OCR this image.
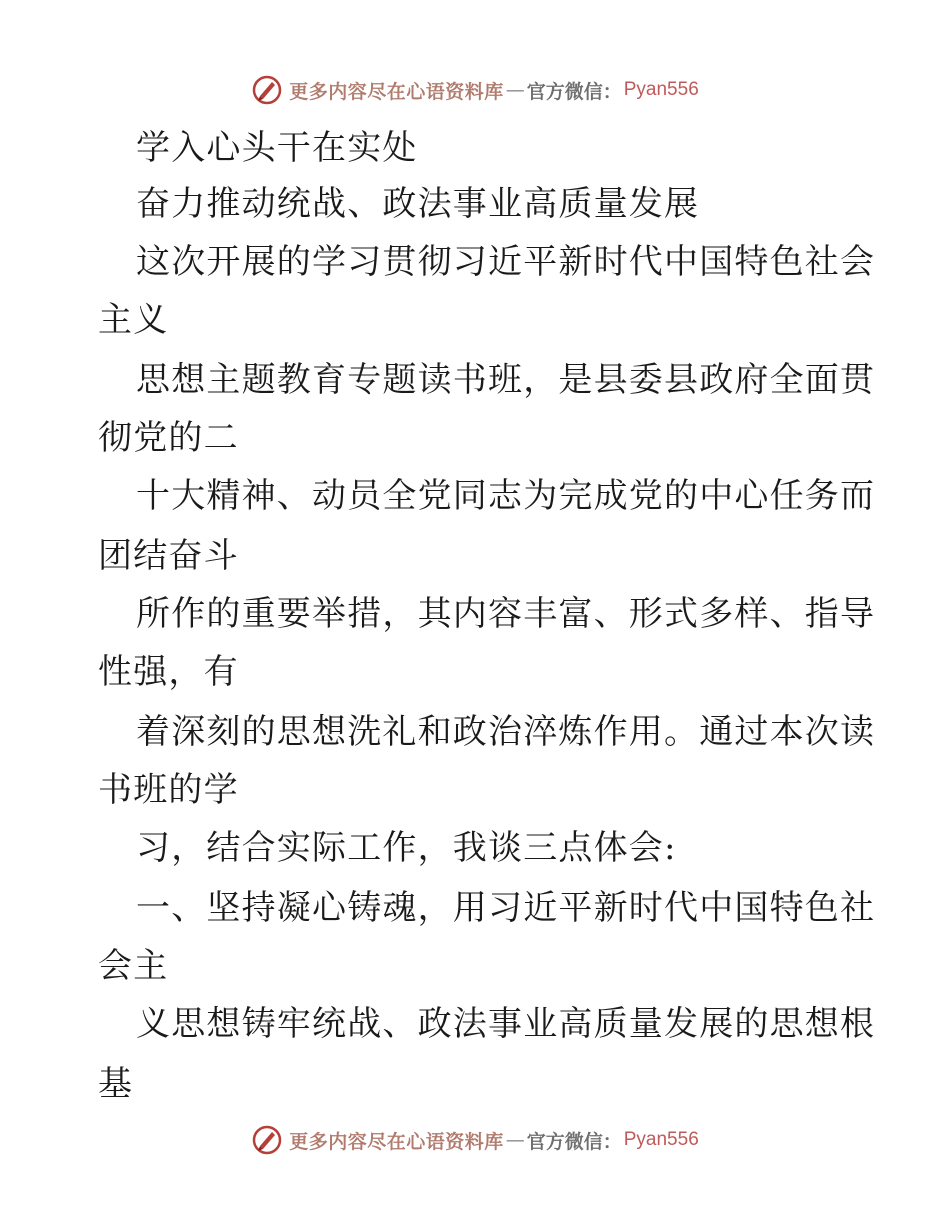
更多内容尽在心语资料库 — 官方微信： Pyan556
学入心头干在实处
奋力推动统战、政法事业高质量发展
这次开展的学习贯彻习近平新时代中国特色社会
主义
思想主题教育专题读书班，是县委县政府全面贯
彻党的二
十大精神、动员全党同志为完成党的中心任务而
团结奋斗
所作的重要举措，其内容丰富、形式多样、指导
性强，有
着深刻的思想洗礼和政治淬炼作用。通过本次读
书班的学
习，结合实际工作，我谈三点体会:
一、坚持凝心铸魂，用习近平新时代中国特色社
会主
义思想铸牢统战、政法事业高质量发展的思想根
基
更多内容尽在心语资料库 — 官方微信： Pyan556
